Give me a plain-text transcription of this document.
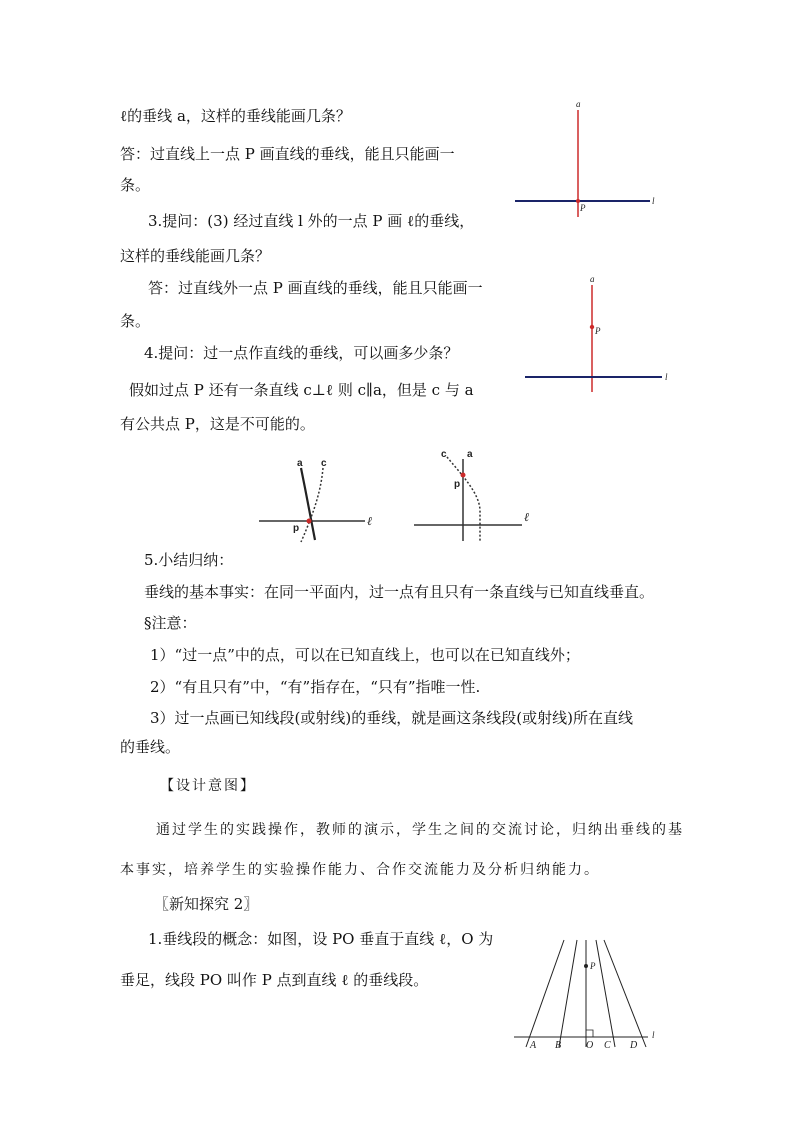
ℓ的垂线 a，这样的垂线能画几条？
答：过直线上一点 P 画直线的垂线，能且只能画一
条。
3.提问：(3) 经过直线 l 外的一点 P 画 ℓ的垂线，
这样的垂线能画几条？
答：过直线外一点 P 画直线的垂线，能且只能画一
条。
4.提问：过一点作直线的垂线，可以画多少条？
假如过点 P 还有一条直线 c⊥ℓ 则 c∥a，但是 c 与 a
有公共点 P，这是不可能的。
5.小结归纳：
垂线的基本事实：在同一平面内，过一点有且只有一条直线与已知直线垂直。
§注意：
1）“过一点”中的点，可以在已知直线上，也可以在已知直线外；
2）“有且只有”中，“有”指存在，“只有”指唯一性.
3）过一点画已知线段(或射线)的垂线，就是画这条线段(或射线)所在直线
的垂线。
【设计意图】
通过学生的实践操作，教师的演示，学生之间的交流讨论，归纳出垂线的基
本事实，培养学生的实验操作能力、合作交流能力及分析归纳能力。
〖新知探究 2〗
1.垂线段的概念：如图，设 PO 垂直于直线 ℓ，O 为
垂足，线段 PO 叫作 P 点到直线 ℓ 的垂线段。
a
P
l
a
P
l
a c
p
ℓ
c a
p
ℓ
P
l
A B O C D
